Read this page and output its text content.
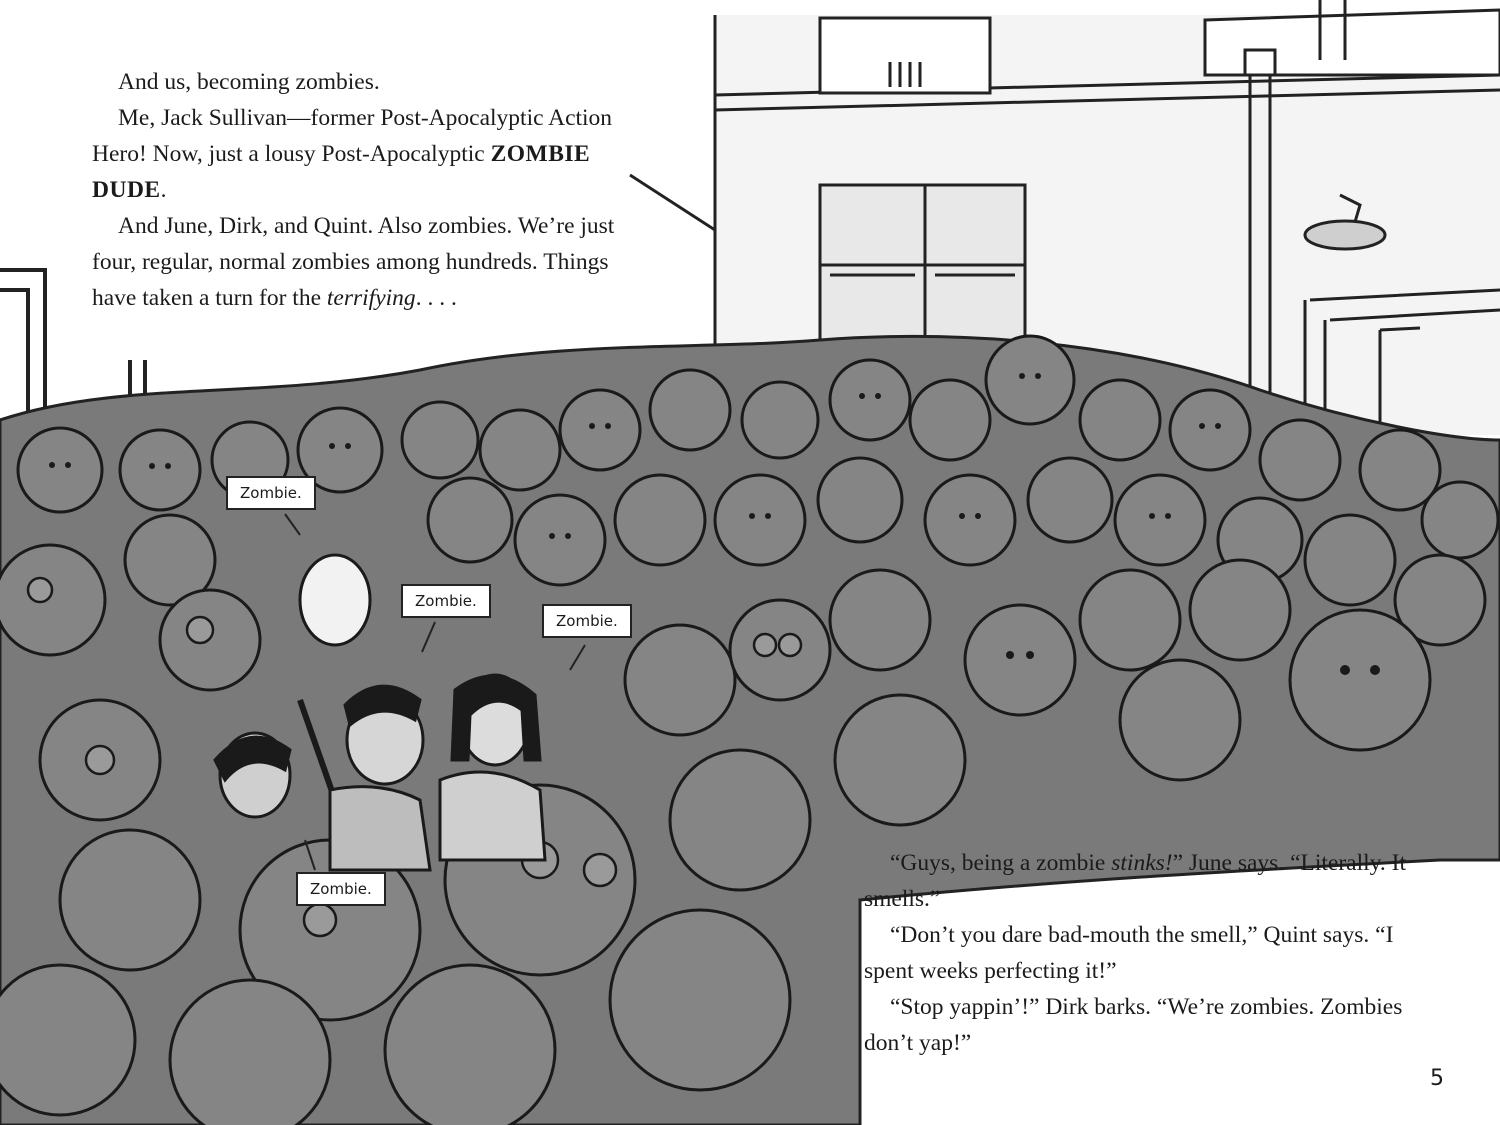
And us, becoming zombies.

Me, Jack Sullivan—former Post-Apocalyptic Action Hero! Now, just a lousy Post-Apocalyptic ZOMBIE DUDE.

And June, Dirk, and Quint. Also zombies. We’re just four, regular, normal zombies among hundreds. Things have taken a turn for the terrifying. . . .

Zombie.
Zombie.
Zombie.
Zombie.

“Guys, being a zombie stinks!” June says. “Literally. It smells.”

“Don’t you dare bad-mouth the smell,” Quint says. “I spent weeks perfecting it!”

“Stop yappin’!” Dirk barks. “We’re zombies. Zombies don’t yap!”

5
